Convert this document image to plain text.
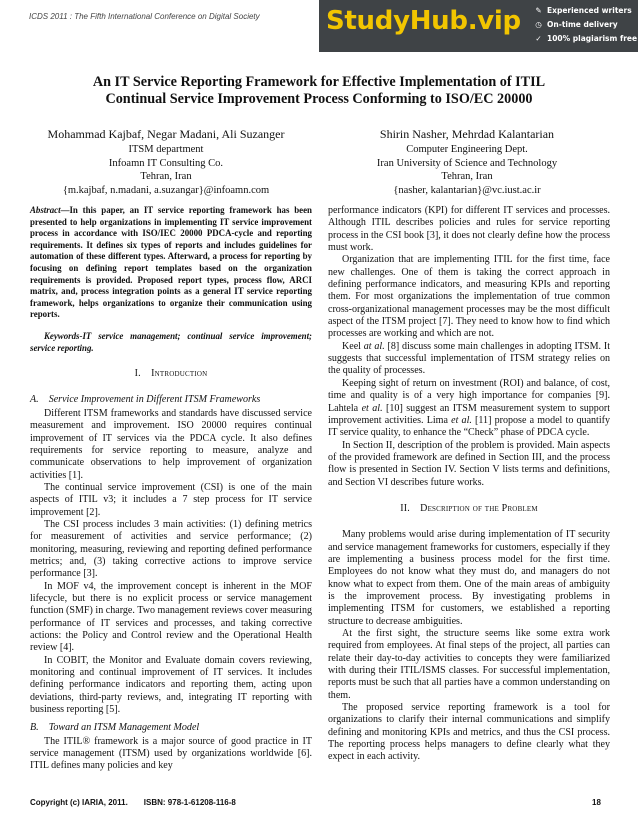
ICDS 2011 : The Fifth International Conference on Digital Society	StudyHub.vip	✎ Experienced writers
◷ On-time delivery
✓ 100% plagiarism free
An IT Service Reporting Framework for Effective Implementation of ITIL
Continual Service Improvement Process Conforming to ISO/EC 20000
Mohammad Kajbaf, Negar Madani, Ali Suzanger
ITSM department
Infoamn IT Consulting Co.
Tehran, Iran
{m.kajbaf, n.madani, a.suzangar}@infoamn.com
Shirin Nasher, Mehrdad Kalantarian
Computer Engineering Dept.
Iran University of Science and Technology
Tehran, Iran
{nasher, kalantarian}@vc.iust.ac.ir
Abstract—In this paper, an IT service reporting framework has been presented to help organizations in implementing IT service improvement process in accordance with ISO/IEC 20000 PDCA-cycle and reporting requirements. It defines six types of reports and includes guidelines for automation of these different types. Afterward, a process for reporting by focusing on defining report templates based on the organization requirements is provided. Proposed report types, process flow, ARCI matrix, and, process integration points as a general IT service reporting framework, helps organizations to organize their communication using reports.
Keywords-IT service management; continual service improvement; service reporting.
I.  Introduction
A. Service Improvement in Different ITSM Frameworks

Different ITSM frameworks and standards have discussed service measurement and improvement. ISO 20000 requires continual improvement of IT services via the PDCA cycle. It also defines requirements for service reporting to measure, analyze and communicate observations to help improvement of organization activities [1].

The continual service improvement (CSI) is one of the main aspects of ITIL v3; it includes a 7 step process for IT service improvement [2].

The CSI process includes 3 main activities: (1) defining metrics for measurement of activities and service performance; (2) monitoring, measuring, reviewing and reporting defined performance metrics; and, (3) taking corrective actions to improve service performance [3].

In MOF v4, the improvement concept is inherent in the MOF lifecycle, but there is no explicit process or service management function (SMF) in charge. Two management reviews cover measuring performance of IT services and processes, and taking corrective actions: the Policy and Control review and the Operational Health review [4].

In COBIT, the Monitor and Evaluate domain covers reviewing, monitoring and continual improvement of IT services. It includes defining performance indicators and reporting them, acting upon deviations, third-party reviews, and, integrating IT reporting with business reporting [5].

B. Toward an ITSM Management Model

The ITIL® framework is a major source of good practice in IT service management (ITSM) used by organizations worldwide [6]. ITIL defines many policies and key

performance indicators (KPI) for different IT services and processes. Although ITIL describes policies and rules for service reporting process in the CSI book [3], it does not clearly define how the process must work.

Organization that are implementing ITIL for the first time, face new challenges. One of them is taking the correct approach in defining performance indicators, and measuring KPIs and reporting them. For most organizations the implementation of true common cross-organizational management processes may be the most difficult aspect of the ITSM project [7]. They need to know how to find which processes are working and which are not.

Keel at al. [8] discuss some main challenges in adopting ITSM. It suggests that successful implementation of ITSM strategy relies on the quality of processes.

Keeping sight of return on investment (ROI) and balance, of cost, time and quality is of a very high importance for companies [9]. Lahtela et al. [10] suggest an ITSM measurement system to support improvement activities. Lima et al. [11] propose a model to quantify IT service quality, to enhance the “Check” phase of PDCA cycle.

In Section II, description of the problem is provided. Main aspects of the provided framework are defined in Section III, and the process flow is presented in Section IV. Section V lists terms and definitions, and Section VI describes future works.

II.  Description of the Problem

Many problems would arise during implementation of IT security and service management frameworks for customers, especially if they are implementing a business process model for the first time. Employees do not know what they must do, and managers do not know what to expect from them. One of the main areas of ambiguity is the improvement process. By investigating problems in implementing ITSM for customers, we established a reporting structure to decrease ambiguities.

At the first sight, the structure seems like some extra work required from employees. At final steps of the project, all parties can relate their day-to-day activities to concepts they were familiarized with during their ITIL/ISMS classes. For successful implementation, reports must be such that all parties have a common understanding on them.

The proposed service reporting framework is a tool for organizations to clarify their internal communications and simplify defining and monitoring KPIs and metrics, and thus the CSI process. The reporting process helps managers to define clearly what they expect in each activity.

Copyright (c) IARIA, 2011.  ISBN: 978-1-61208-116-8	18
